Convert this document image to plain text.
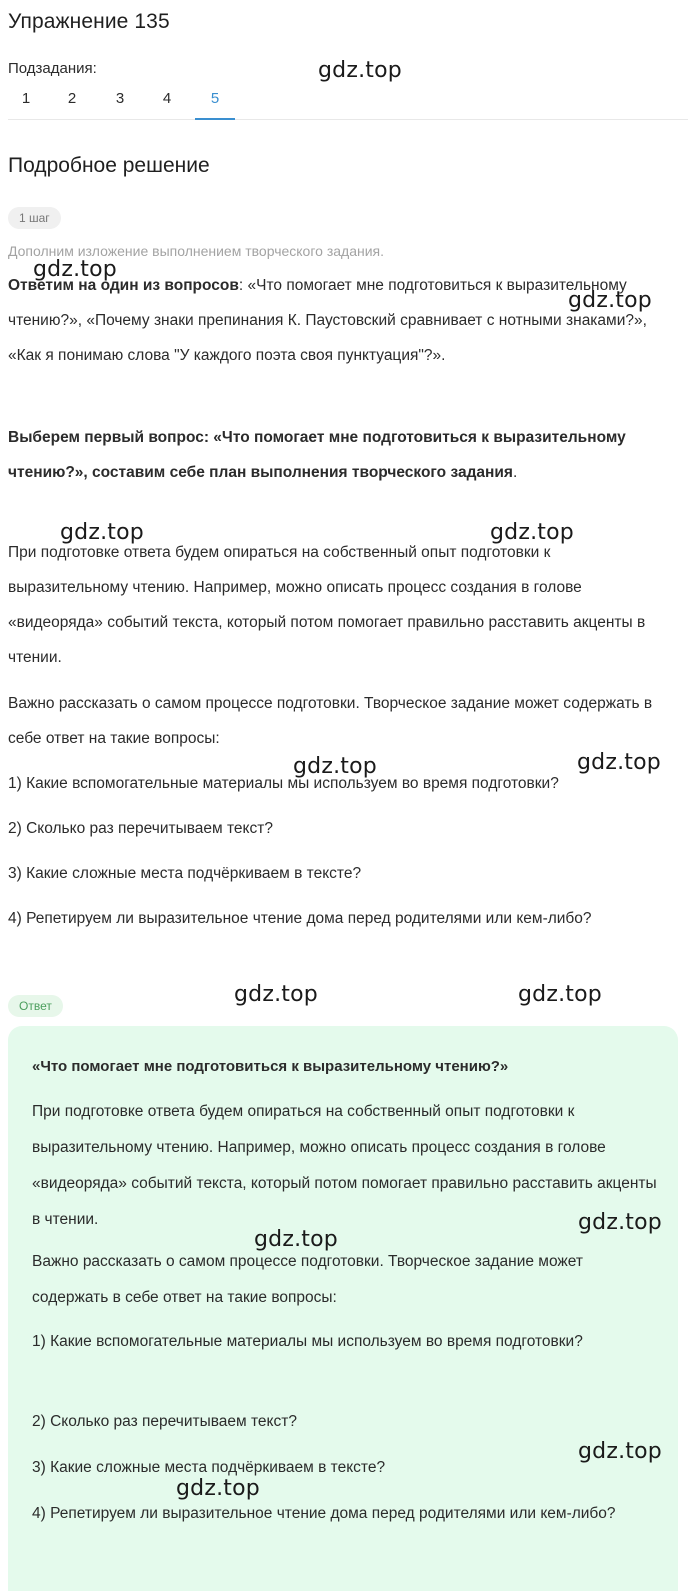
Упражнение 135
Подзадания:
1	2	3	4	5
Подробное решение
1 шаг
Дополним изложение выполнением творческого задания.
Ответим на один из вопросов: «Что помогает мне подготовиться к выразительному чтению?», «Почему знаки препинания К. Паустовский сравнивает с нотными знаками?», «Как я понимаю слова "У каждого поэта своя пунктуация"?».
Выберем первый вопрос: «Что помогает мне подготовиться к выразительному чтению?», составим себе план выполнения творческого задания.
При подготовке ответа будем опираться на собственный опыт подготовки к выразительному чтению. Например, можно описать процесс создания в голове «видеоряда» событий текста, который потом помогает правильно расставить акценты в чтении.
Важно рассказать о самом процессе подготовки. Творческое задание может содержать в себе ответ на такие вопросы:
1) Какие вспомогательные материалы мы используем во время подготовки?
2) Сколько раз перечитываем текст?
3) Какие сложные места подчёркиваем в тексте?
4) Репетируем ли выразительное чтение дома перед родителями или кем-либо?
Ответ
«Что помогает мне подготовиться к выразительному чтению?»
При подготовке ответа будем опираться на собственный опыт подготовки к выразительному чтению. Например, можно описать процесс создания в голове «видеоряда» событий текста, который потом помогает правильно расставить акценты в чтении.
Важно рассказать о самом процессе подготовки. Творческое задание может содержать в себе ответ на такие вопросы:
1) Какие вспомогательные материалы мы используем во время подготовки?
2) Сколько раз перечитываем текст?
3) Какие сложные места подчёркиваем в тексте?
4) Репетируем ли выразительное чтение дома перед родителями или кем-либо?
gdz.top
gdz.top
gdz.top
gdz.top	gdz.top
gdz.top
gdz.top
gdz.top	gdz.top
gdz.top
gdz.top
gdz.top
gdz.top
